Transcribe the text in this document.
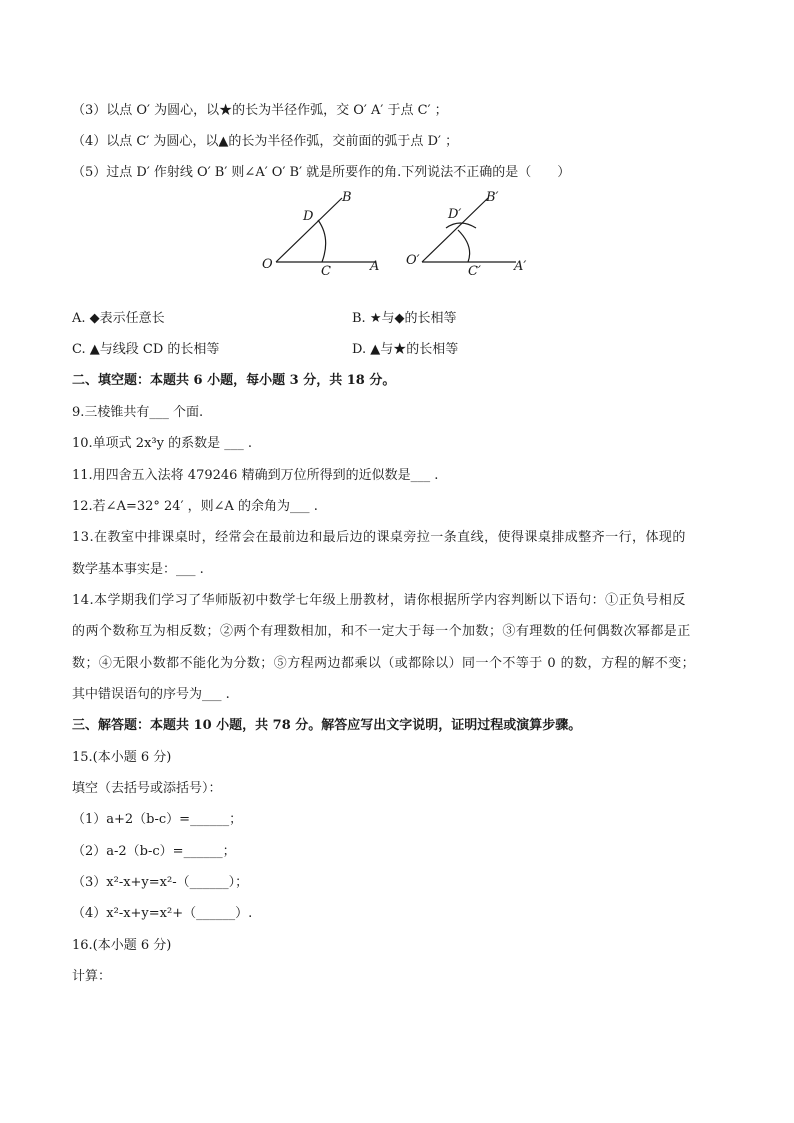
（3）以点 O′ 为圆心，以★的长为半径作弧，交 O′ A′ 于点 C′ ；
（4）以点 C′ 为圆心，以▲的长为半径作弧，交前面的弧于点 D′ ；
（5）过点 D′ 作射线 O′ B′ 则∠A′ O′ B′ 就是所要作的角.下列说法不正确的是（　　）
O	A
B
C
D
O′	A′
B′
C′
D′
A. ◆表示任意长	B. ★与◆的长相等
C. ▲与线段 CD 的长相等	D. ▲与★的长相等
二、填空题：本题共 6 小题，每小题 3 分，共 18 分。
9.三棱锥共有___ 个面.
10.单项式 2x³y 的系数是 ___ .
11.用四舍五入法将 479246 精确到万位所得到的近似数是___ .
12.若∠A=32° 24′ ，则∠A 的余角为___ .
13.在教室中排课桌时，经常会在最前边和最后边的课桌旁拉一条直线，使得课桌排成整齐一行，体现的
数学基本事实是：___ .
14.本学期我们学习了华师版初中数学七年级上册教材，请你根据所学内容判断以下语句：①正负号相反
的两个数称互为相反数；②两个有理数相加，和不一定大于每一个加数；③有理数的任何偶数次幂都是正
数；④无限小数都不能化为分数；⑤方程两边都乘以（或都除以）同一个不等于 0 的数，方程的解不变；
其中错误语句的序号为___ .
三、解答题：本题共 10 小题，共 78 分。解答应写出文字说明，证明过程或演算步骤。
15.(本小题 6 分)
填空（去括号或添括号）：
（1）a+2（b-c）=______；
（2）a-2（b-c）=______；
（3）x²-x+y=x²-（______）；
（4）x²-x+y=x²+（______）.
16.(本小题 6 分)
计算：
